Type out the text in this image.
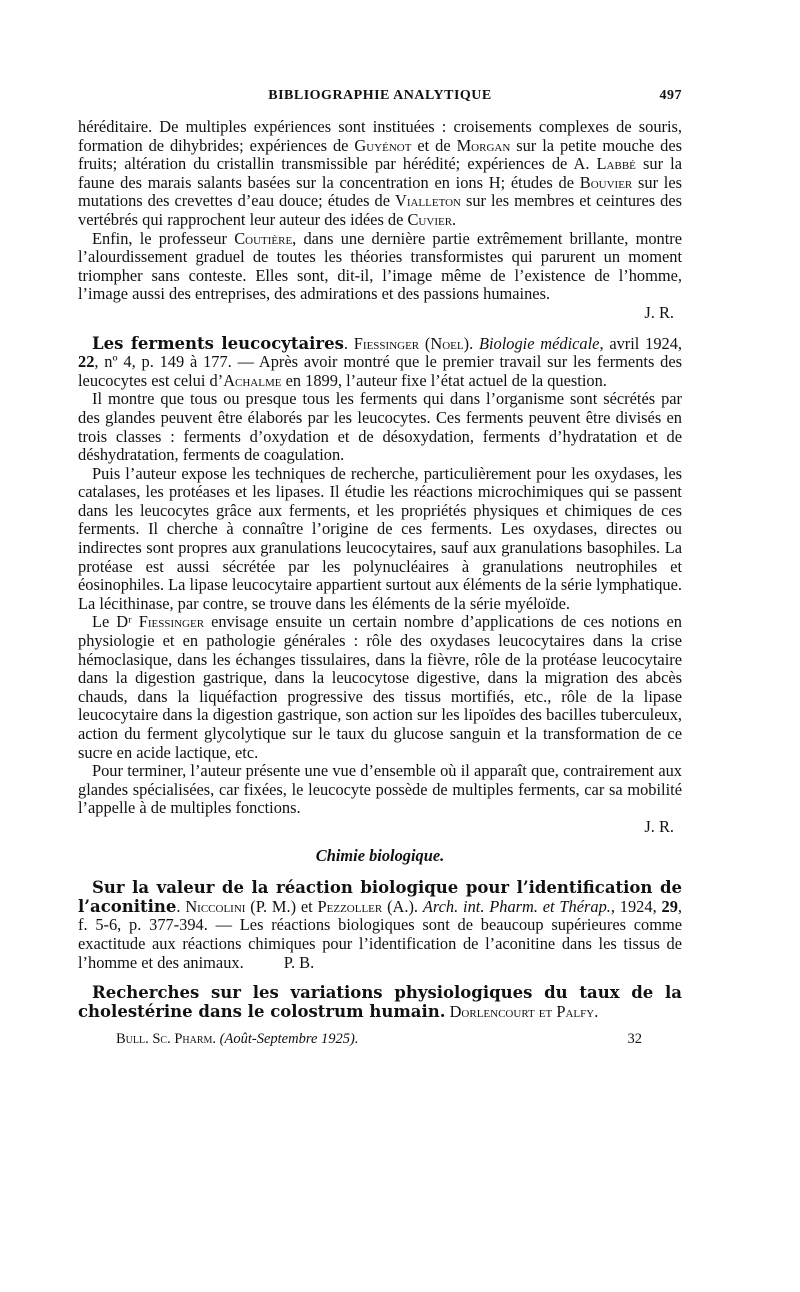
BIBLIOGRAPHIE ANALYTIQUE	497

héréditaire. De multiples expériences sont instituées : croisements complexes de souris, formation de dihybrides; expériences de Guyénot et de Morgan sur la petite mouche des fruits; altération du cristallin transmissible par hérédité; expériences de A. Labbé sur la faune des marais salants basées sur la concentration en ions H; études de Bouvier sur les mutations des crevettes d’eau douce; études de Vialleton sur les membres et ceintures des vertébrés qui rapprochent leur auteur des idées de Cuvier.

Enfin, le professeur Coutière, dans une dernière partie extrêmement brillante, montre l’alourdissement graduel de toutes les théories transformistes qui parurent un moment triompher sans conteste. Elles sont, dit-il, l’image même de l’existence de l’homme, l’image aussi des entreprises, des admirations et des passions humaines.

J. R.

Les ferments leucocytaires. Fiessinger (Noel). Biologie médicale, avril 1924, 22, nº 4, p. 149 à 177. — Après avoir montré que le premier travail sur les ferments des leucocytes est celui d’Achalme en 1899, l’auteur fixe l’état actuel de la question.

Il montre que tous ou presque tous les ferments qui dans l’organisme sont sécrétés par des glandes peuvent être élaborés par les leucocytes. Ces ferments peuvent être divisés en trois classes : ferments d’oxydation et de désoxydation, ferments d’hydratation et de déshydratation, ferments de coagulation.

Puis l’auteur expose les techniques de recherche, particulièrement pour les oxydases, les catalases, les protéases et les lipases. Il étudie les réactions microchimiques qui se passent dans les leucocytes grâce aux ferments, et les propriétés physiques et chimiques de ces ferments. Il cherche à connaître l’origine de ces ferments. Les oxydases, directes ou indirectes sont propres aux granulations leucocytaires, sauf aux granulations basophiles. La protéase est aussi sécrétée par les polynucléaires à granulations neutrophiles et éosinophiles. La lipase leucocytaire appartient surtout aux éléments de la série lymphatique. La lécithinase, par contre, se trouve dans les éléments de la série myéloïde.

Le Dʳ Fiessinger envisage ensuite un certain nombre d’applications de ces notions en physiologie et en pathologie générales : rôle des oxydases leucocytaires dans la crise hémoclasique, dans les échanges tissulaires, dans la fièvre, rôle de la protéase leucocytaire dans la digestion gastrique, dans la leucocytose digestive, dans la migration des abcès chauds, dans la liquéfaction progressive des tissus mortifiés, etc., rôle de la lipase leucocytaire dans la digestion gastrique, son action sur les lipoïdes des bacilles tuberculeux, action du ferment glycolytique sur le taux du glucose sanguin et la transformation de ce sucre en acide lactique, etc.

Pour terminer, l’auteur présente une vue d’ensemble où il apparaît que, contrairement aux glandes spécialisées, car fixées, le leucocyte possède de multiples ferments, car sa mobilité l’appelle à de multiples fonctions.

J. R.

Chimie biologique.

Sur la valeur de la réaction biologique pour l’identification de l’aconitine. Niccolini (P. M.) et Pezzoller (A.). Arch. int. Pharm. et Thérap., 1924, 29, f. 5-6, p. 377-394. — Les réactions biologiques sont de beaucoup supérieures comme exactitude aux réactions chimiques pour l’identification de l’aconitine dans les tissus de l’homme et des animaux. P. B.

Recherches sur les variations physiologiques du taux de la cholestérine dans le colostrum humain. Dorlencourt et Palfy.

Bull. Sc. Pharm. (Août-Septembre 1925).	32
